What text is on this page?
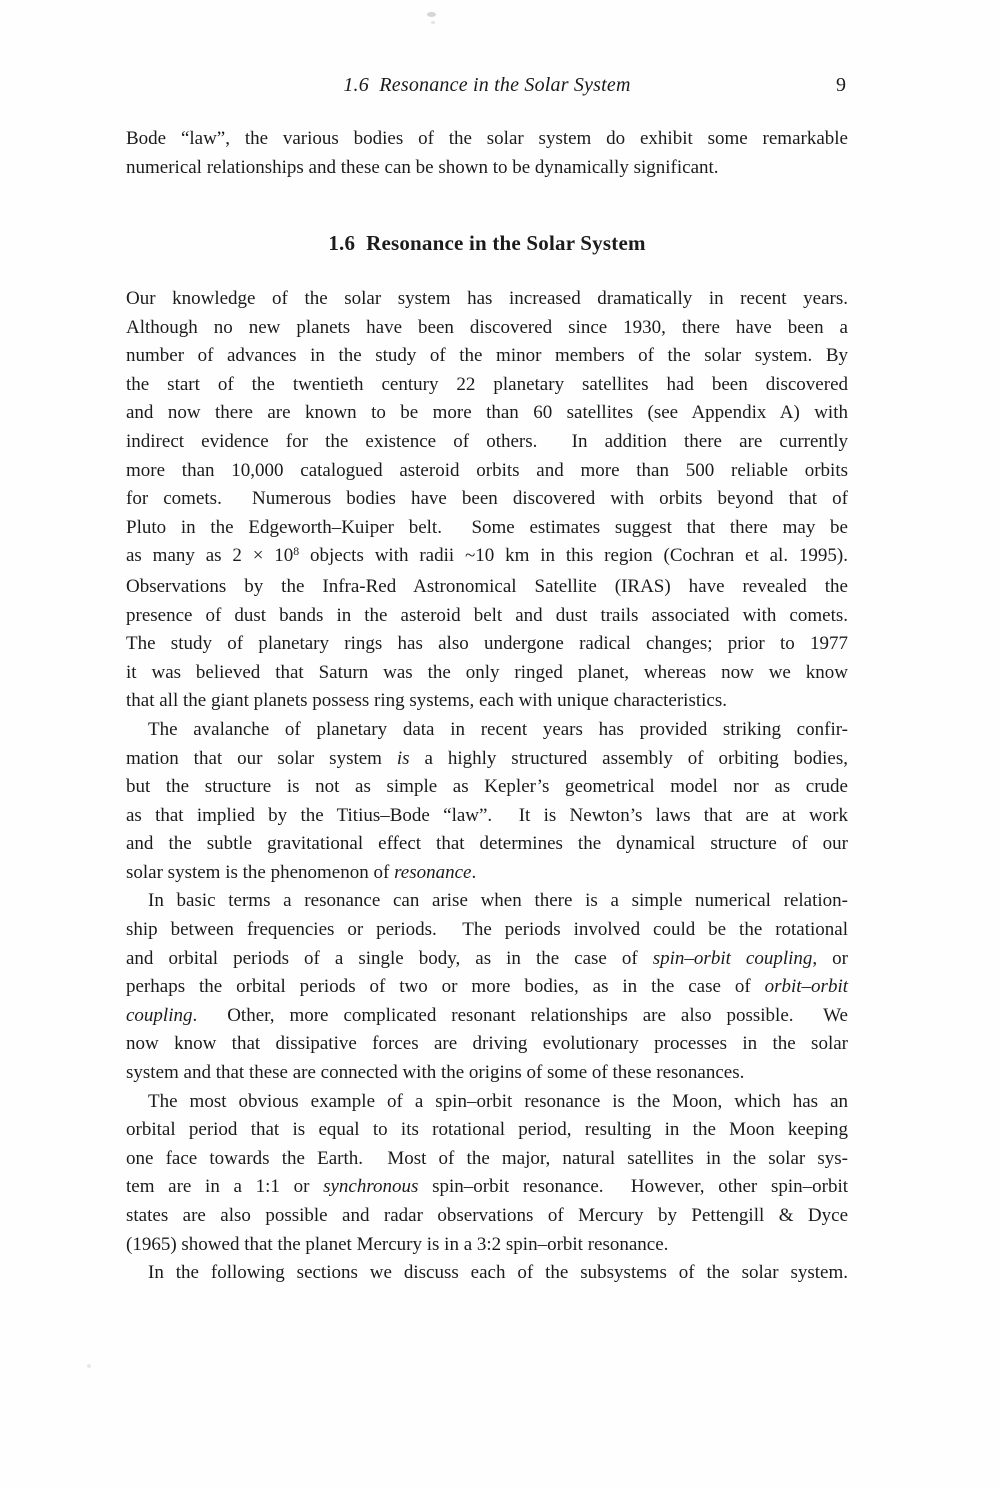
1.6  Resonance in the Solar System	9
Bode “law”, the various bodies of the solar system do exhibit some remarkable
numerical relationships and these can be shown to be dynamically significant.
1.6  Resonance in the Solar System
Our knowledge of the solar system has increased dramatically in recent years.
Although no new planets have been discovered since 1930, there have been a
number of advances in the study of the minor members of the solar system. By
the start of the twentieth century 22 planetary satellites had been discovered
and now there are known to be more than 60 satellites (see Appendix A) with
indirect evidence for the existence of others.  In addition there are currently
more than 10,000 catalogued asteroid orbits and more than 500 reliable orbits
for comets.  Numerous bodies have been discovered with orbits beyond that of
Pluto in the Edgeworth–Kuiper belt.  Some estimates suggest that there may be
as many as $2 \times 10^8$ objects with radii ~10 km in this region (Cochran et al. 1995).
Observations by the Infra-Red Astronomical Satellite (IRAS) have revealed the
presence of dust bands in the asteroid belt and dust trails associated with comets.
The study of planetary rings has also undergone radical changes; prior to 1977
it was believed that Saturn was the only ringed planet, whereas now we know
that all the giant planets possess ring systems, each with unique characteristics.
The avalanche of planetary data in recent years has provided striking confir-
mation that our solar system is a highly structured assembly of orbiting bodies,
but the structure is not as simple as Kepler’s geometrical model nor as crude
as that implied by the Titius–Bode “law”.  It is Newton’s laws that are at work
and the subtle gravitational effect that determines the dynamical structure of our
solar system is the phenomenon of resonance.
In basic terms a resonance can arise when there is a simple numerical relation-
ship between frequencies or periods.  The periods involved could be the rotational
and orbital periods of a single body, as in the case of spin–orbit coupling, or
perhaps the orbital periods of two or more bodies, as in the case of orbit–orbit
coupling.  Other, more complicated resonant relationships are also possible.  We
now know that dissipative forces are driving evolutionary processes in the solar
system and that these are connected with the origins of some of these resonances.
The most obvious example of a spin–orbit resonance is the Moon, which has an
orbital period that is equal to its rotational period, resulting in the Moon keeping
one face towards the Earth.  Most of the major, natural satellites in the solar sys-
tem are in a 1:1 or synchronous spin–orbit resonance.  However, other spin–orbit
states are also possible and radar observations of Mercury by Pettengill & Dyce
(1965) showed that the planet Mercury is in a 3:2 spin–orbit resonance.
In the following sections we discuss each of the subsystems of the solar system.
